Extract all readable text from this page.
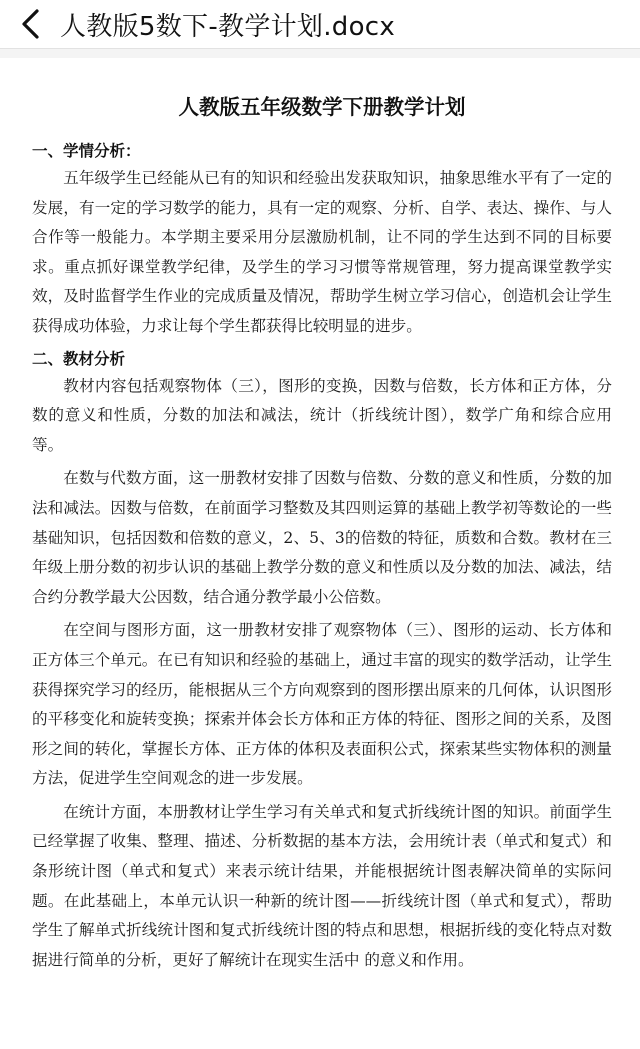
人教版5数下-教学计划.docx
人教版五年级数学下册教学计划

一、学情分析：

五年级学生已经能从已有的知识和经验出发获取知识，抽象思维水平有了一定的发展，有一定的学习数学的能力，具有一定的观察、分析、自学、表达、操作、与人合作等一般能力。本学期主要采用分层激励机制，让不同的学生达到不同的目标要求。重点抓好课堂教学纪律，及学生的学习习惯等常规管理，努力提高课堂教学实效，及时监督学生作业的完成质量及情况，帮助学生树立学习信心，创造机会让学生获得成功体验，力求让每个学生都获得比较明显的进步。

二、教材分析

教材内容包括观察物体（三），图形的变换，因数与倍数，长方体和正方体，分数的意义和性质，分数的加法和减法，统计（折线统计图），数学广角和综合应用等。

在数与代数方面，这一册教材安排了因数与倍数、分数的意义和性质，分数的加法和减法。因数与倍数，在前面学习整数及其四则运算的基础上教学初等数论的一些基础知识，包括因数和倍数的意义，2、5、3的倍数的特征，质数和合数。教材在三年级上册分数的初步认识的基础上教学分数的意义和性质以及分数的加法、减法，结合约分教学最大公因数，结合通分教学最小公倍数。

在空间与图形方面，这一册教材安排了观察物体（三）、图形的运动、长方体和正方体三个单元。在已有知识和经验的基础上，通过丰富的现实的数学活动，让学生获得探究学习的经历，能根据从三个方向观察到的图形摆出原来的几何体，认识图形的平移变化和旋转变换；探索并体会长方体和正方体的特征、图形之间的关系，及图形之间的转化，掌握长方体、正方体的体积及表面积公式，探索某些实物体积的测量方法，促进学生空间观念的进一步发展。

在统计方面，本册教材让学生学习有关单式和复式折线统计图的知识。前面学生已经掌握了收集、整理、描述、分析数据的基本方法，会用统计表（单式和复式）和条形统计图（单式和复式）来表示统计结果，并能根据统计图表解决简单的实际问题。在此基础上，本单元认识一种新的统计图——折线统计图（单式和复式），帮助学生了解单式折线统计图和复式折线统计图的特点和思想，根据折线的变化特点对数据进行简单的分析，更好了解统计在现实生活中 的意义和作用。
